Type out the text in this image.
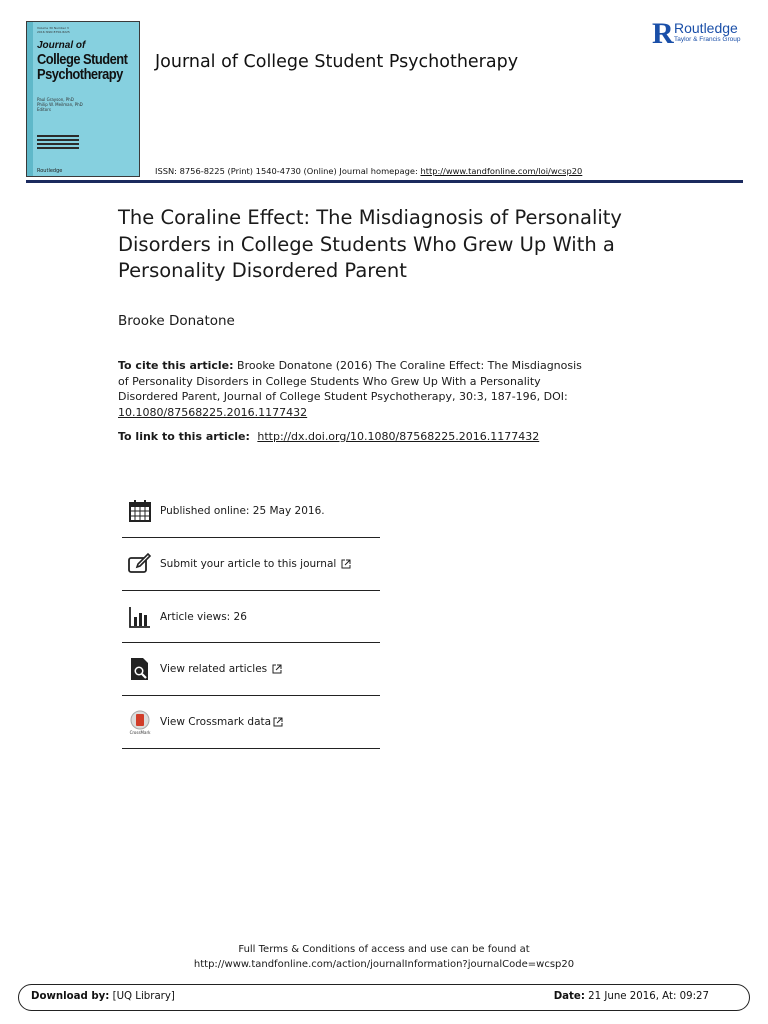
Volume 30 Number 3
2016 ISSN 8756-8225
Journal of
College Student
Psychotherapy
Paul Grayson, PhD
Philip W. Meilman, PhD
Editors
Routledge
Journal of College Student Psychotherapy
R Routledge
Taylor & Francis Group
ISSN: 8756-8225 (Print) 1540-4730 (Online) Journal homepage: http://www.tandfonline.com/loi/wcsp20
The Coraline Effect: The Misdiagnosis of Personality Disorders in College Students Who Grew Up With a Personality Disordered Parent
Brooke Donatone
To cite this article: Brooke Donatone (2016) The Coraline Effect: The Misdiagnosis of Personality Disorders in College Students Who Grew Up With a Personality Disordered Parent, Journal of College Student Psychotherapy, 30:3, 187-196, DOI: 10.1080/87568225.2016.1177432
To link to this article: http://dx.doi.org/10.1080/87568225.2016.1177432
Published online: 25 May 2016.
Submit your article to this journal
Article views: 26
View related articles
CrossMark
View Crossmark data
Full Terms & Conditions of access and use can be found at
http://www.tandfonline.com/action/journalInformation?journalCode=wcsp20
Download by: [UQ Library]	Date: 21 June 2016, At: 09:27
